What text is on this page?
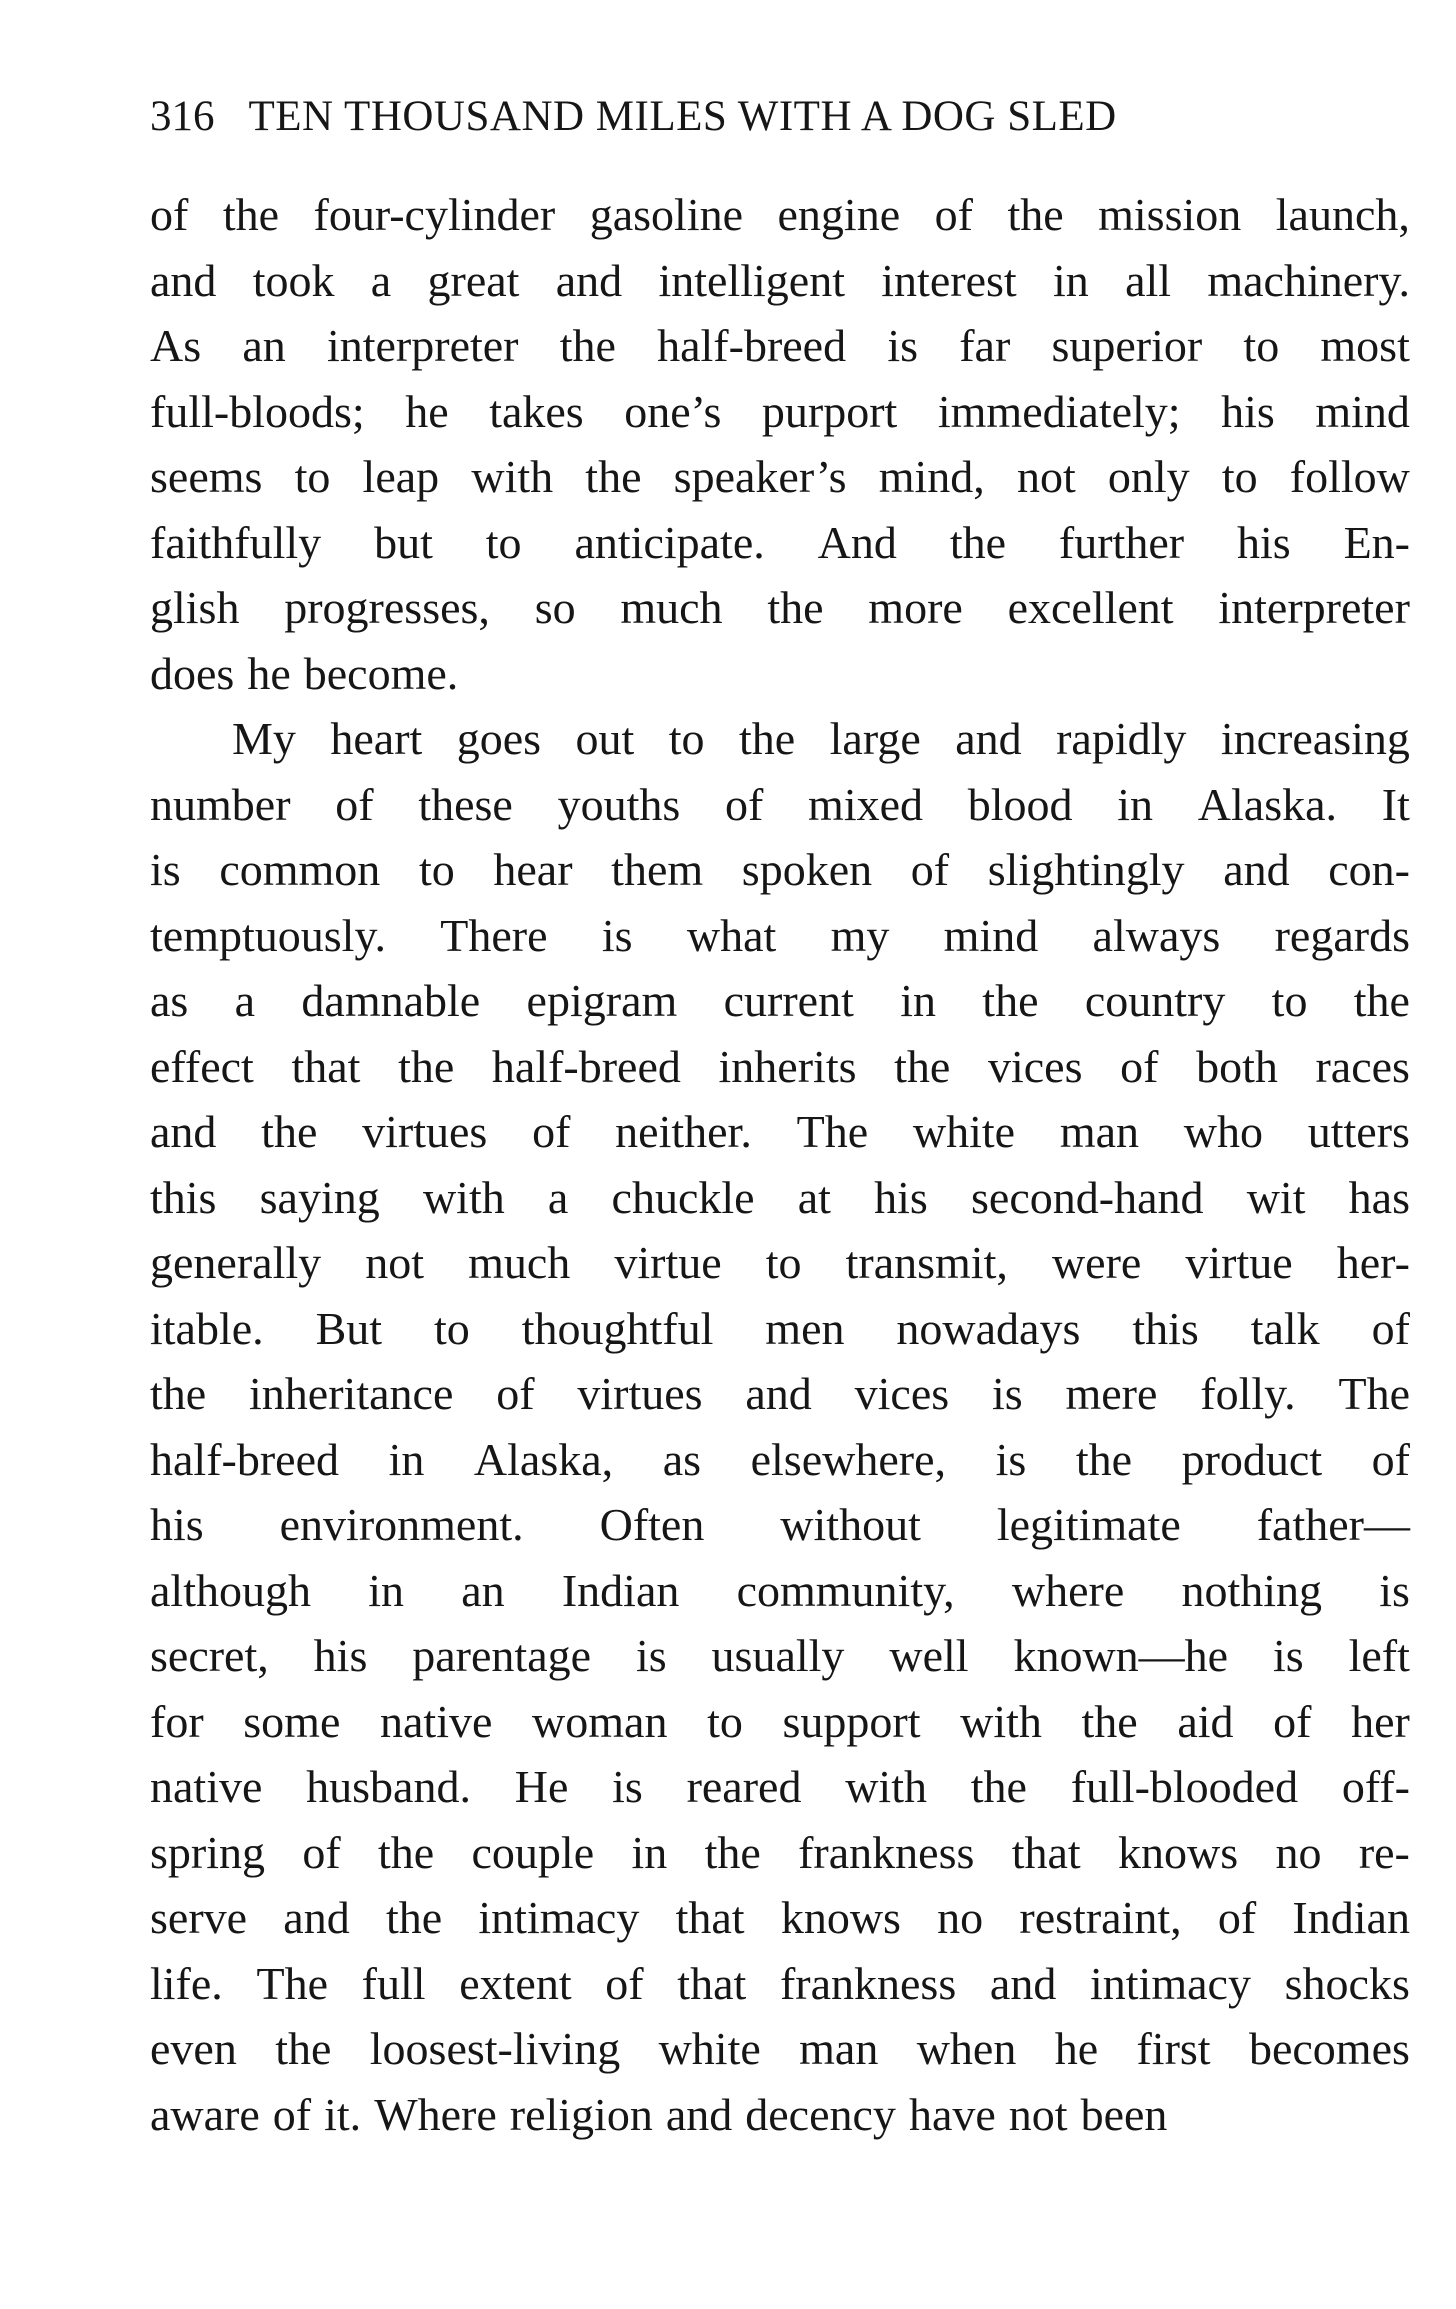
316 TEN THOUSAND MILES WITH A DOG SLED
of the four-cylinder gasoline engine of the mission launch,
and took a great and intelligent interest in all machinery.
As an interpreter the half-breed is far superior to most
full-bloods; he takes one’s purport immediately; his mind
seems to leap with the speaker’s mind, not only to follow
faithfully but to anticipate. And the further his En-
glish progresses, so much the more excellent interpreter
does he become.
My heart goes out to the large and rapidly increasing
number of these youths of mixed blood in Alaska. It
is common to hear them spoken of slightingly and con-
temptuously. There is what my mind always regards
as a damnable epigram current in the country to the
effect that the half-breed inherits the vices of both races
and the virtues of neither. The white man who utters
this saying with a chuckle at his second-hand wit has
generally not much virtue to transmit, were virtue her-
itable. But to thoughtful men nowadays this talk of
the inheritance of virtues and vices is mere folly. The
half-breed in Alaska, as elsewhere, is the product of
his environment. Often without legitimate father—
although in an Indian community, where nothing is
secret, his parentage is usually well known—he is left
for some native woman to support with the aid of her
native husband. He is reared with the full-blooded off-
spring of the couple in the frankness that knows no re-
serve and the intimacy that knows no restraint, of Indian
life. The full extent of that frankness and intimacy shocks
even the loosest-living white man when he first becomes
aware of it. Where religion and decency have not been
